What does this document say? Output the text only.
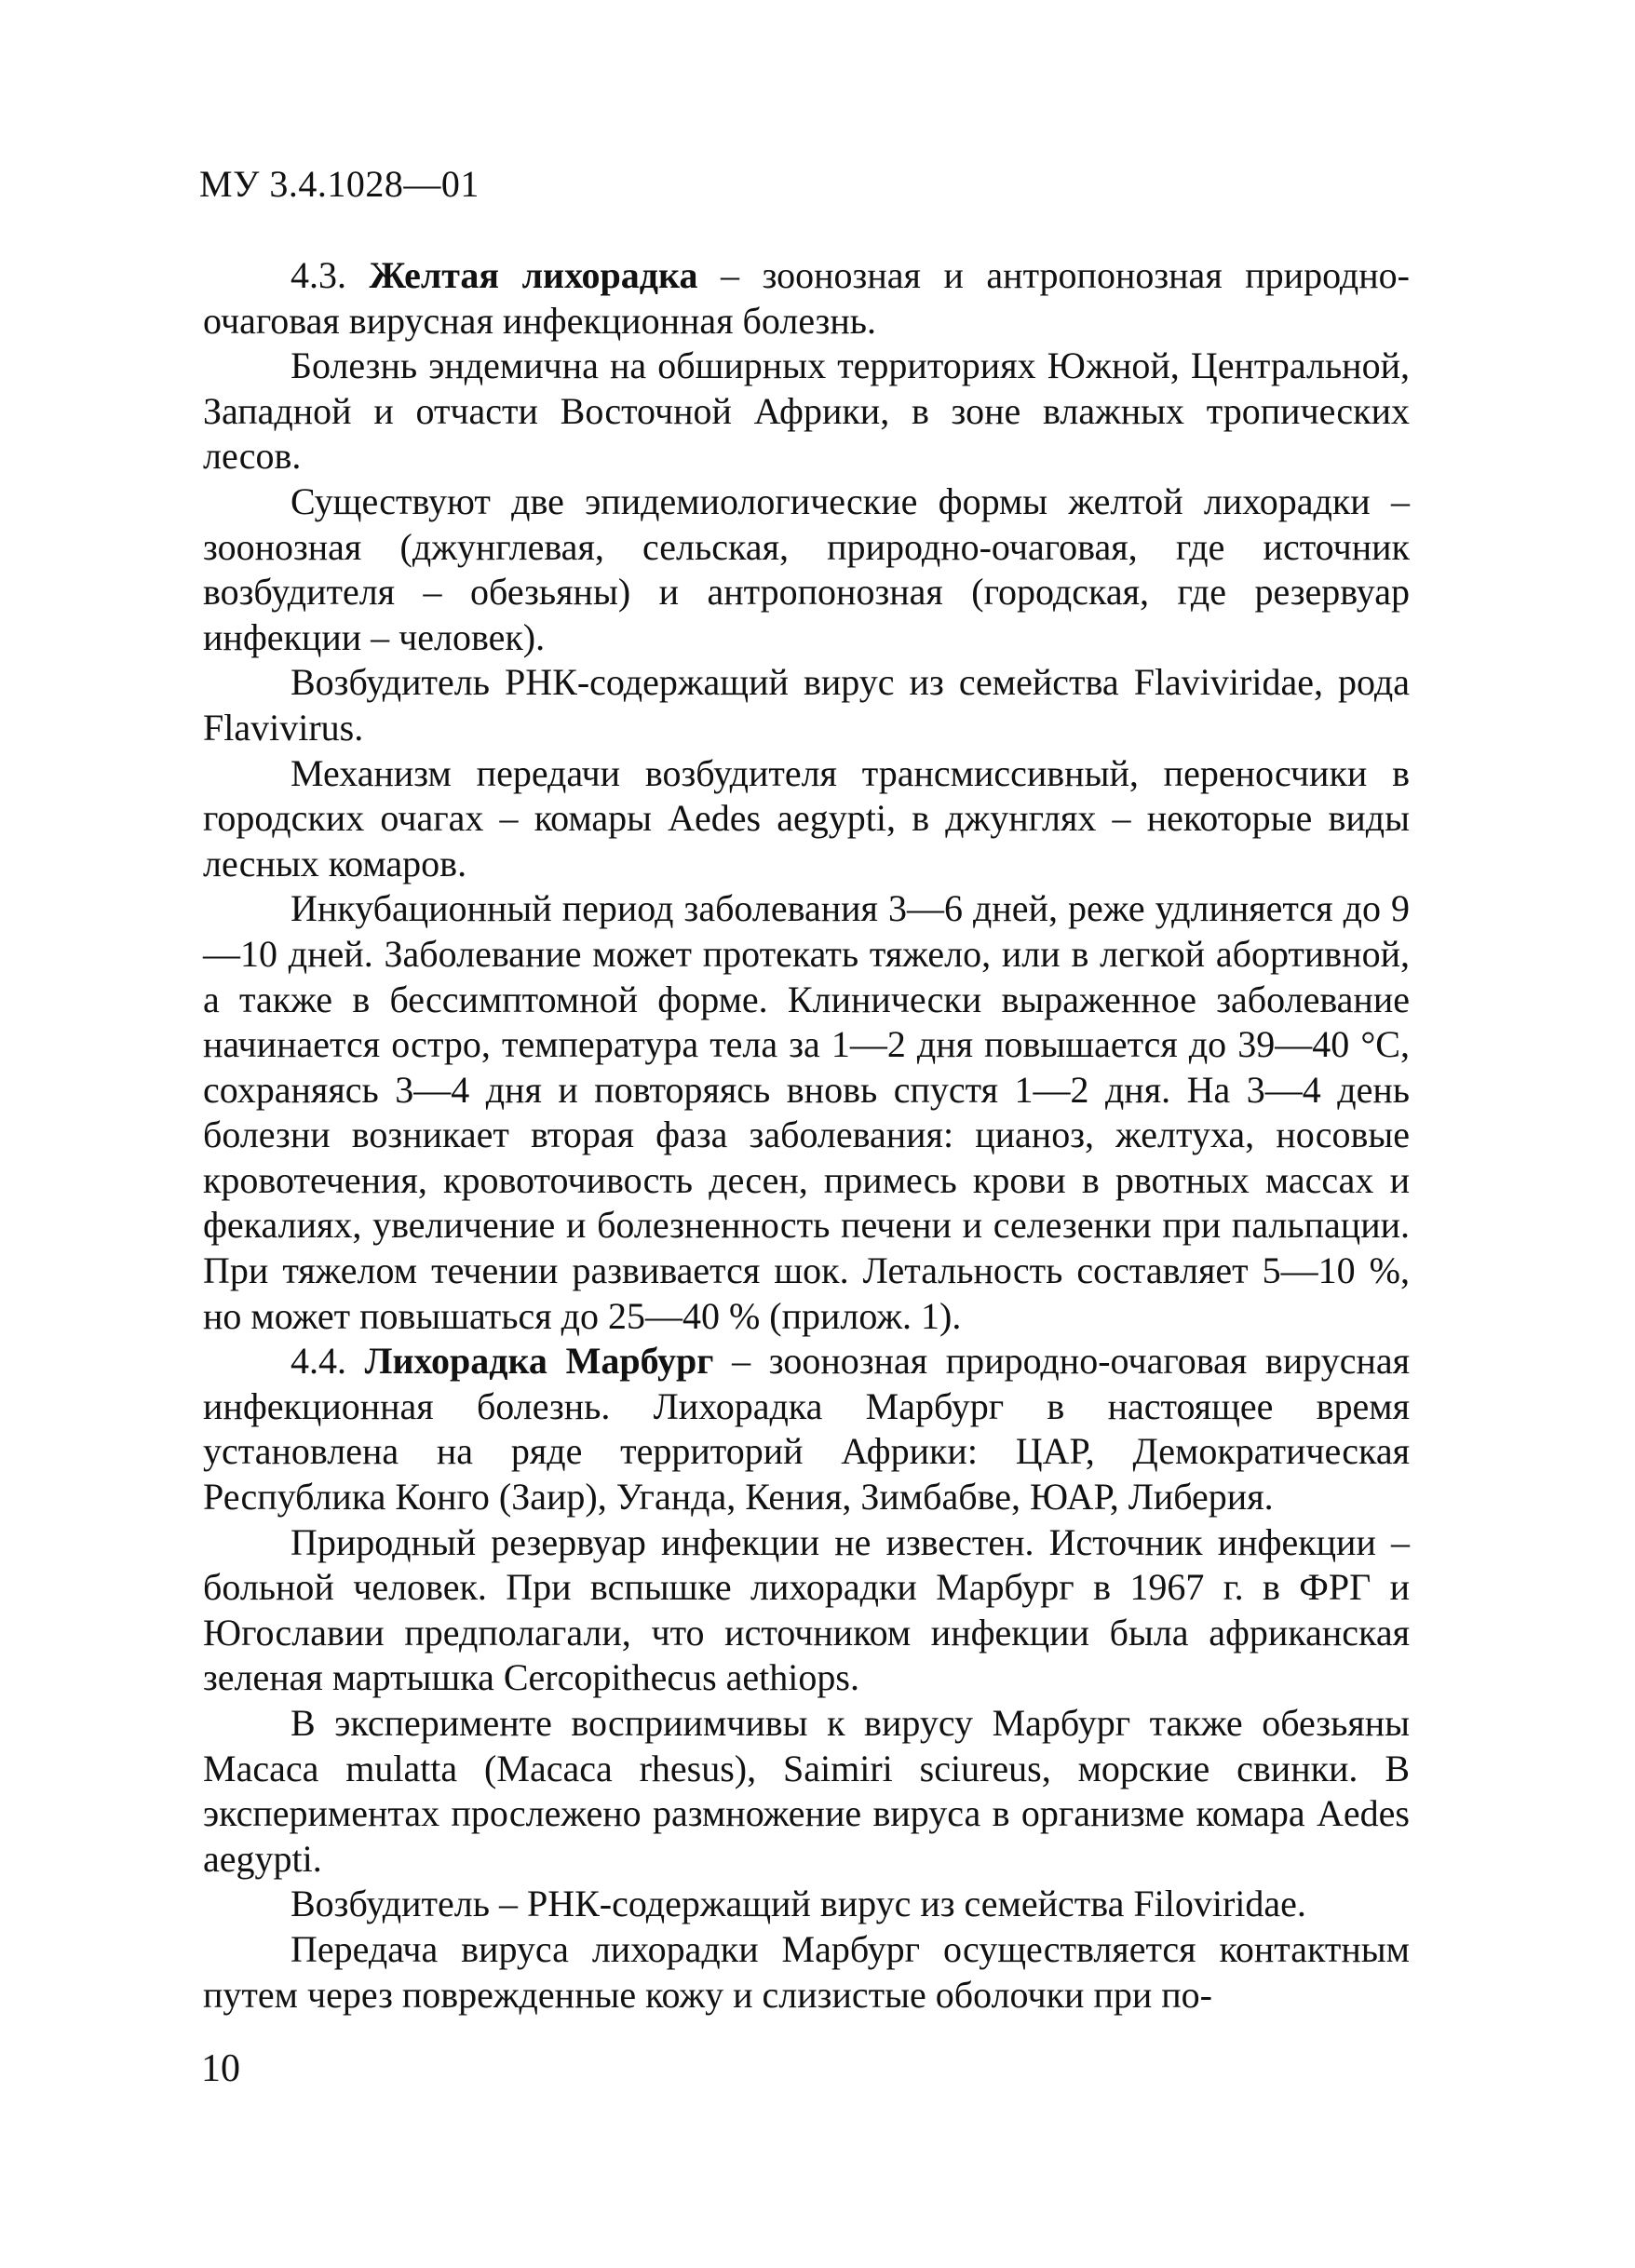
МУ 3.4.1028—01

4.3. Желтая лихорадка – зоонозная и антропонозная природно-очаговая вирусная инфекционная болезнь.

Болезнь эндемична на обширных территориях Южной, Центральной, Западной и отчасти Восточной Африки, в зоне влажных тропических лесов.

Существуют две эпидемиологические формы желтой лихорадки – зоонозная (джунглевая, сельская, природно-очаговая, где источник возбудителя – обезьяны) и антропонозная (городская, где резервуар инфекции – человек).

Возбудитель РНК-содержащий вирус из семейства Flaviviridae, рода Flavivirus.

Механизм передачи возбудителя трансмиссивный, переносчики в городских очагах – комары Aedes aegypti, в джунглях – некоторые виды лесных комаров.

Инкубационный период заболевания 3—6 дней, реже удлиняется до 9—10 дней. Заболевание может протекать тяжело, или в легкой абортивной, а также в бессимптомной форме. Клинически выраженное заболевание начинается остро, температура тела за 1—2 дня повышается до 39—40 °С, сохраняясь 3—4 дня и повторяясь вновь спустя 1—2 дня. На 3—4 день болезни возникает вторая фаза заболевания: цианоз, желтуха, носовые кровотечения, кровоточивость десен, примесь крови в рвотных массах и фекалиях, увеличение и болезненность печени и селезенки при пальпации. При тяжелом течении развивается шок. Летальность составляет 5—10 %, но может повышаться до 25—40 % (прилож. 1).

4.4. Лихорадка Марбург – зоонозная природно-очаговая вирусная инфекционная болезнь. Лихорадка Марбург в настоящее время установлена на ряде территорий Африки: ЦАР, Демократическая Республика Конго (Заир), Уганда, Кения, Зимбабве, ЮАР, Либерия.

Природный резервуар инфекции не известен. Источник инфекции – больной человек. При вспышке лихорадки Марбург в 1967 г. в ФРГ и Югославии предполагали, что источником инфекции была африканская зеленая мартышка Cercopithecus aethiops.

В эксперименте восприимчивы к вирусу Марбург также обезьяны Macaca mulatta (Macaca rhesus), Saimiri sciureus, морские свинки. В экспериментах прослежено размножение вируса в организме комара Aedes aegypti.

Возбудитель – РНК-содержащий вирус из семейства Filoviridae.

Передача вируса лихорадки Марбург осуществляется контактным путем через поврежденные кожу и слизистые оболочки при по-

10
